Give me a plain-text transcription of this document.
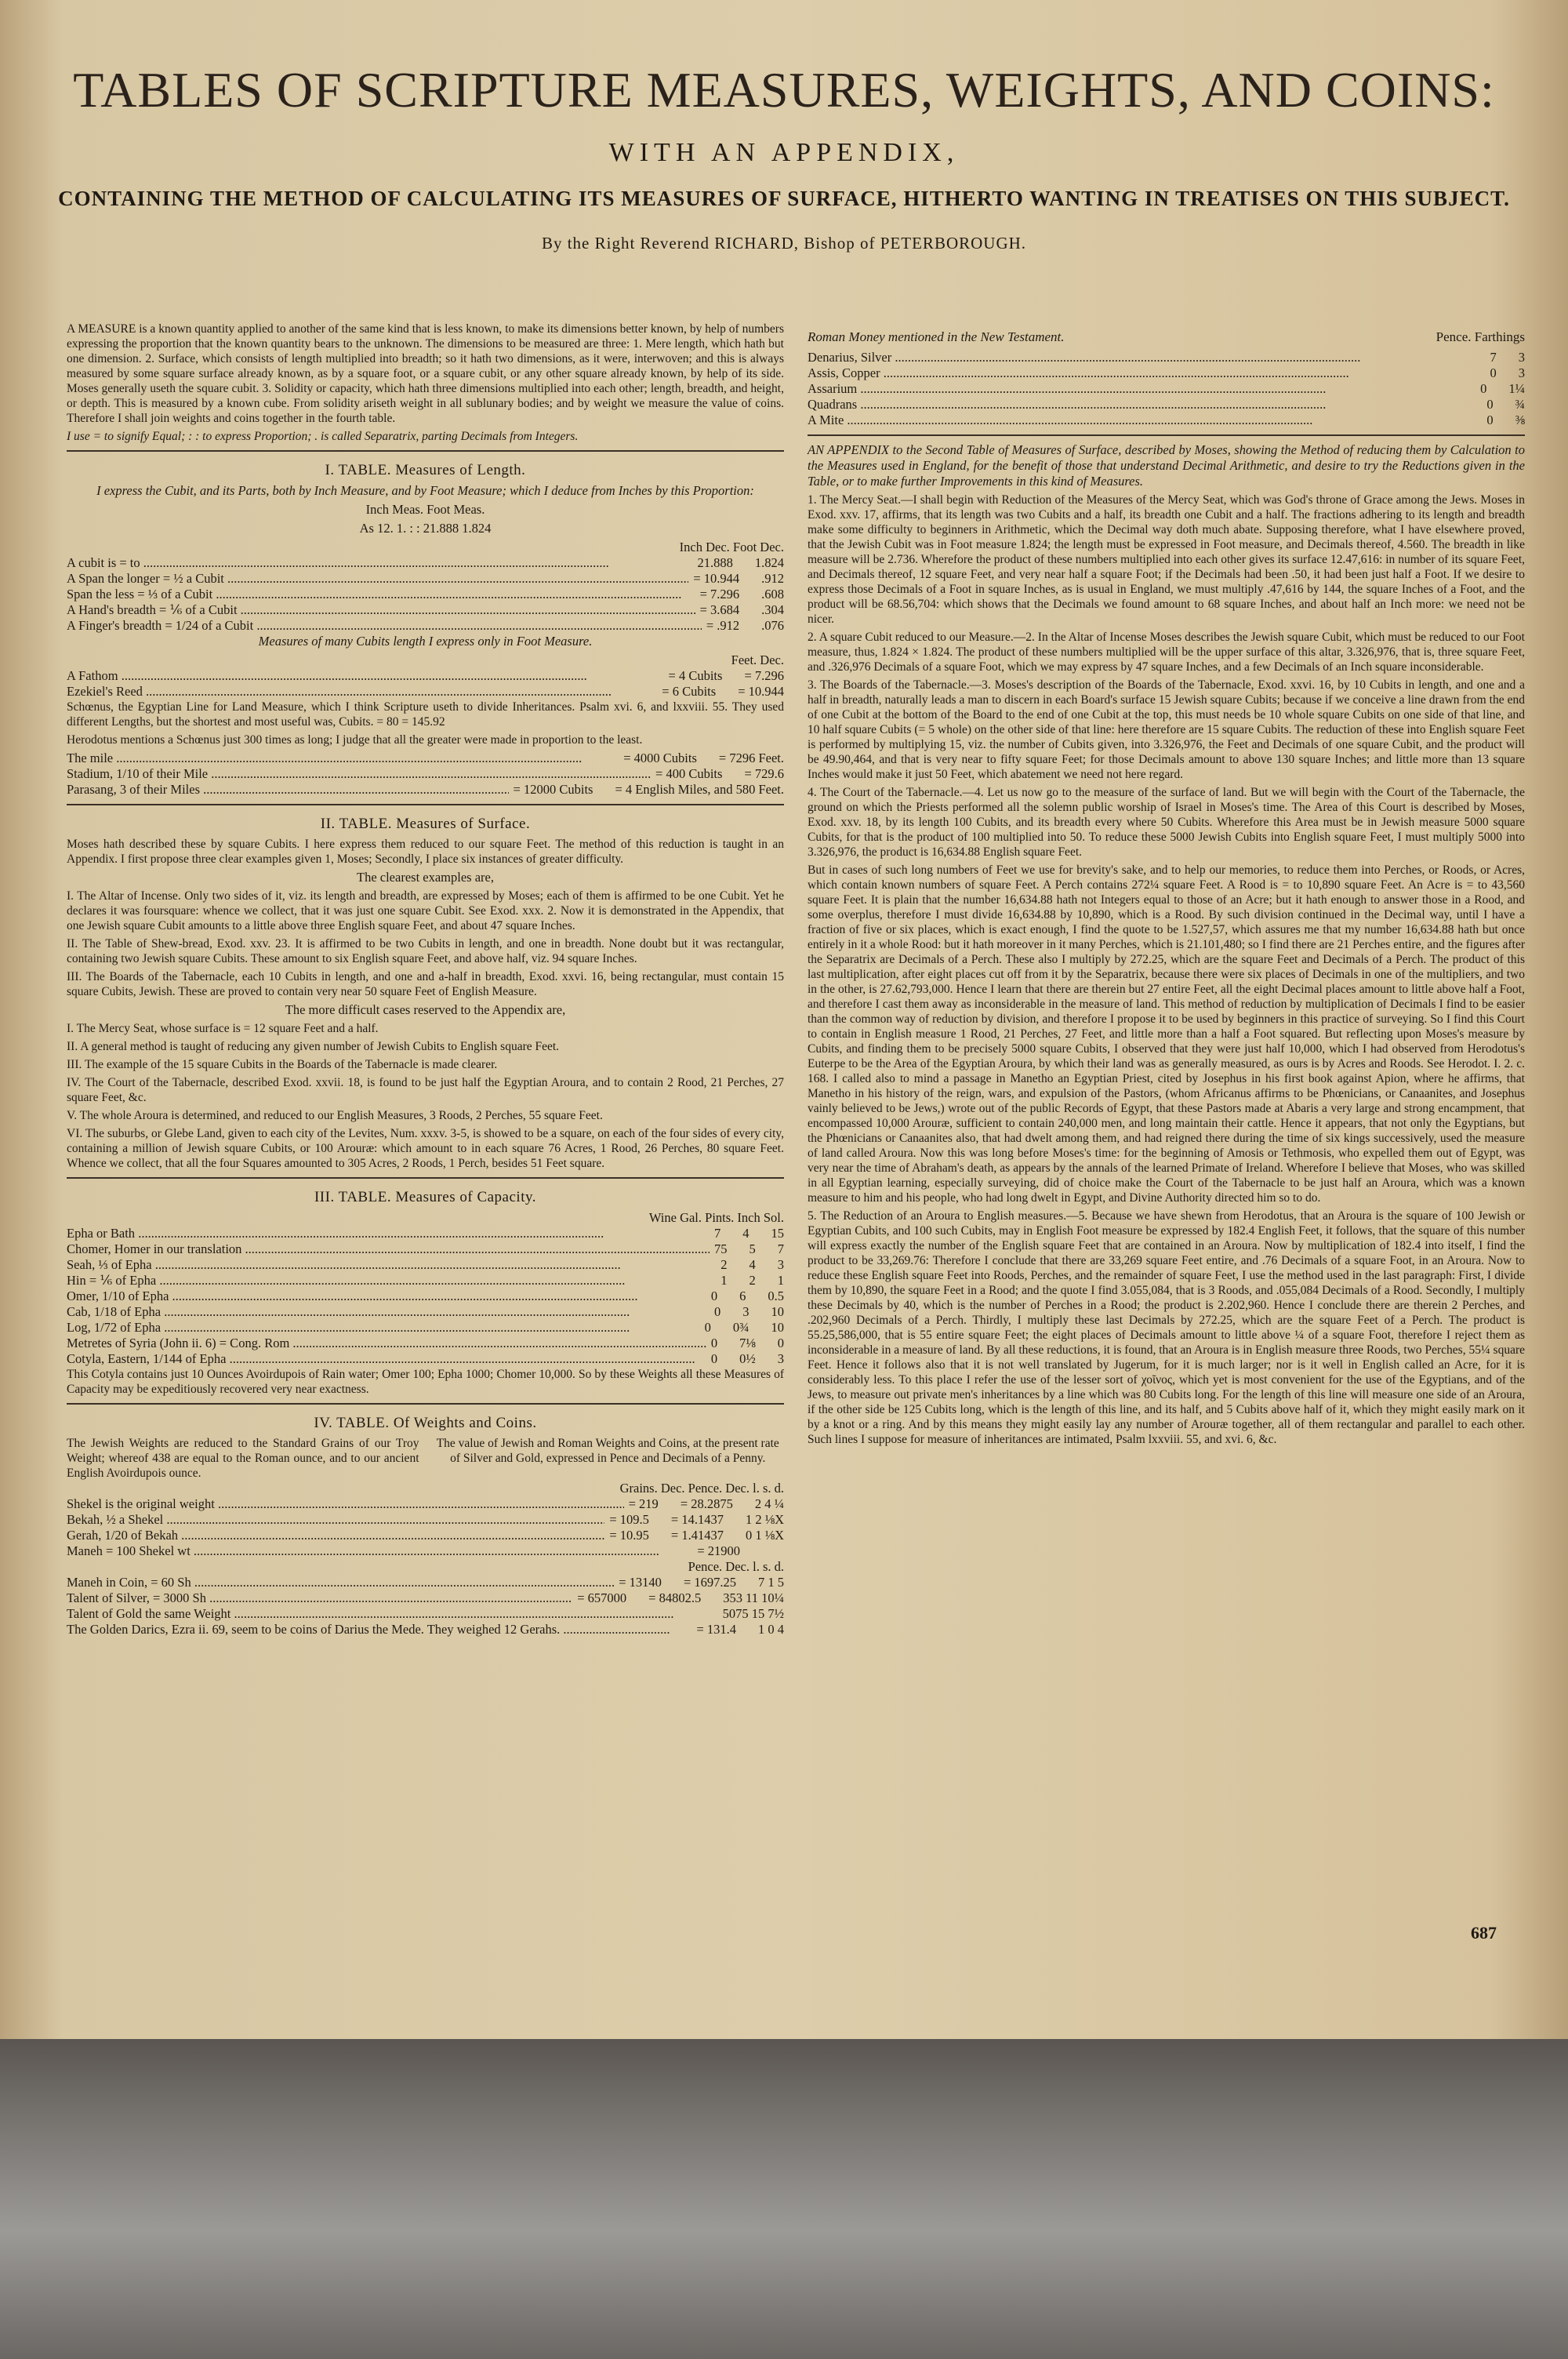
TABLES OF SCRIPTURE MEASURES, WEIGHTS, AND COINS:
WITH AN APPENDIX,
CONTAINING THE METHOD OF CALCULATING ITS MEASURES OF SURFACE, HITHERTO WANTING IN TREATISES ON THIS SUBJECT.
By the Right Reverend RICHARD, Bishop of PETERBOROUGH.

A MEASURE is a known quantity applied to another of the same kind that is less known, to make its dimensions better known, by help of numbers expressing the proportion that the known quantity bears to the unknown. The dimensions to be measured are three: 1. Mere length, which hath but one dimension. 2. Surface, which consists of length multiplied into breadth; so it hath two dimensions, as it were, interwoven; and this is always measured by some square surface already known, as by a square foot, or a square cubit, or any other square already known, by help of its side. Moses generally useth the square cubit. 3. Solidity or capacity, which hath three dimensions multiplied into each other; length, breadth, and height, or depth. This is measured by a known cube. From solidity ariseth weight in all sublunary bodies; and by weight we measure the value of coins. Therefore I shall join weights and coins together in the fourth table.

I use = to signify Equal; : : to express Proportion; . is called Separatrix, parting Decimals from Integers.

I. TABLE. Measures of Length.

I express the Cubit, and its Parts, both by Inch Measure, and by Foot Measure; which I deduce from Inches by this Proportion:

Inch Meas. Foot Meas.

As 12. 1. : : 21.888 1.824

Inch Dec. Foot Dec.
A cubit is = to .....	21.888 1.824
A Span the longer = ½ a Cubit .....	= 10.944 .912
Span the less = ⅓ of a Cubit .....	= 7.296 .608
A Hand's breadth = ⅙ of a Cubit .....	= 3.684 .304
A Finger's breadth = 1/24 of a Cubit .....	= .912 .076

Measures of many Cubits length I express only in Foot Measure.

Feet. Dec.
A Fathom .....	= 4 Cubits = 7.296
Ezekiel's Reed .....	= 6 Cubits = 10.944

Schœnus, the Egyptian Line for Land Measure, which I think Scripture useth to divide Inheritances. Psalm xvi. 6, and lxxviii. 55. They used different Lengths, but the shortest and most useful was, Cubits. = 80 = 145.92

Herodotus mentions a Schœnus just 300 times as long; I judge that all the greater were made in proportion to the least.

The mile .....	= 4000 Cubits = 7296 Feet.
Stadium, 1/10 of their Mile .....	= 400 Cubits = 729.6
Parasang, 3 of their Miles .....	= 12000 Cubits = 4 English Miles, and 580 Feet.
II. TABLE. Measures of Surface.

Moses hath described these by square Cubits. I here express them reduced to our square Feet. The method of this reduction is taught in an Appendix. I first propose three clear examples given 1, Moses; Secondly, I place six instances of greater difficulty.

The clearest examples are,

I. The Altar of Incense. Only two sides of it, viz. its length and breadth, are expressed by Moses; each of them is affirmed to be one Cubit. Yet he declares it was foursquare: whence we collect, that it was just one square Cubit. See Exod. xxx. 2. Now it is demonstrated in the Appendix, that one Jewish square Cubit amounts to a little above three English square Feet, and about 47 square Inches.

II. The Table of Shew-bread, Exod. xxv. 23. It is affirmed to be two Cubits in length, and one in breadth. None doubt but it was rectangular, containing two Jewish square Cubits. These amount to six English square Feet, and above half, viz. 94 square Inches.

III. The Boards of the Tabernacle, each 10 Cubits in length, and one and a-half in breadth, Exod. xxvi. 16, being rectangular, must contain 15 square Cubits, Jewish. These are proved to contain very near 50 square Feet of English Measure.

The more difficult cases reserved to the Appendix are,

I. The Mercy Seat, whose surface is = 12 square Feet and a half.

II. A general method is taught of reducing any given number of Jewish Cubits to English square Feet.

III. The example of the 15 square Cubits in the Boards of the Tabernacle is made clearer.

IV. The Court of the Tabernacle, described Exod. xxvii. 18, is found to be just half the Egyptian Aroura, and to contain 2 Rood, 21 Perches, 27 square Feet, &c.

V. The whole Aroura is determined, and reduced to our English Measures, 3 Roods, 2 Perches, 55 square Feet.

VI. The suburbs, or Glebe Land, given to each city of the Levites, Num. xxxv. 3-5, is showed to be a square, on each of the four sides of every city, containing a million of Jewish square Cubits, or 100 Arouræ: which amount to in each square 76 Acres, 1 Rood, 26 Perches, 80 square Feet. Whence we collect, that all the four Squares amounted to 305 Acres, 2 Roods, 1 Perch, besides 51 Feet square.

III. TABLE. Measures of Capacity.
Wine Gal. Pints. Inch Sol.
Epha or Bath .....	7 4 15
Chomer, Homer in our translation .....	75 5 7
Seah, ⅓ of Epha .....	2 4 3
Hin = ⅙ of Epha .....	1 2 1
Omer, 1/10 of Epha .....	0 6 0.5
Cab, 1/18 of Epha .....	0 3 10
Log, 1/72 of Epha .....	0 0¾ 10
Metretes of Syria (John ii. 6) = Cong. Rom .....	0 7⅛ 0
Cotyla, Eastern, 1/144 of Epha .....	0 0½ 3

This Cotyla contains just 10 Ounces Avoirdupois of Rain water; Omer 100; Epha 1000; Chomer 10,000. So by these Weights all these Measures of Capacity may be expeditiously recovered very near exactness.

IV. TABLE. Of Weights and Coins.
The Jewish Weights are reduced to the Standard Grains of our Troy Weight; whereof 438 are equal to the Roman ounce, and to our ancient English Avoirdupois ounce.
The value of Jewish and Roman Weights and Coins, at the present rate of Silver and Gold, expressed in Pence and Decimals of a Penny.
Grains. Dec. Pence. Dec. l. s. d.
Shekel is the original weight .....	= 219 = 28.2875 2 4 ¼
Bekah, ½ a Shekel .....	= 109.5 = 14.1437 1 2 ⅛X
Gerah, 1/20 of Bekah .....	= 10.95 = 1.41437 0 1 ⅛X
Maneh = 100 Shekel wt .....	= 21900
Pence. Dec. l. s. d.
Maneh in Coin, = 60 Sh .....	= 13140 = 1697.25 7 1 5
Talent of Silver, = 3000 Sh .....	= 657000 = 84802.5 353 11 10¼
Talent of Gold the same Weight .....	5075 15 7½
The Golden Darics, Ezra ii. 69, seem to be coins of Darius the Mede. They weighed 12 Gerahs. .....	= 131.4 1 0 4
Roman Money mentioned in the New Testament.	Pence. Farthings
Denarius, Silver .....	7 3
Assis, Copper .....	0 3
Assarium .....	0 1¼
Quadrans .....	0 ¾
A Mite .....	0 ⅜

AN APPENDIX to the Second Table of Measures of Surface, described by Moses, showing the Method of reducing them by Calculation to the Measures used in England, for the benefit of those that understand Decimal Arithmetic, and desire to try the Reductions given in the Table, or to make further Improvements in this kind of Measures.

1. The Mercy Seat.—I shall begin with Reduction of the Measures of the Mercy Seat, which was God's throne of Grace among the Jews. Moses in Exod. xxv. 17, affirms, that its length was two Cubits and a half, its breadth one Cubit and a half. The fractions adhering to its length and breadth make some difficulty to beginners in Arithmetic, which the Decimal way doth much abate. Supposing therefore, what I have elsewhere proved, that the Jewish Cubit was in Foot measure 1.824; the length must be expressed in Foot measure, and Decimals thereof, 4.560. The breadth in like measure will be 2.736. Wherefore the product of these numbers multiplied into each other gives its surface 12.47,616: in number of its square Feet, and Decimals thereof, 12 square Feet, and very near half a square Foot; if the Decimals had been .50, it had been just half a Foot. If we desire to express those Decimals of a Foot in square Inches, as is usual in England, we must multiply .47,616 by 144, the square Inches of a Foot, and the product will be 68.56,704: which shows that the Decimals we found amount to 68 square Inches, and about half an Inch more: we need not be nicer.

2. A square Cubit reduced to our Measure.—2. In the Altar of Incense Moses describes the Jewish square Cubit, which must be reduced to our Foot measure, thus, 1.824 × 1.824. The product of these numbers multiplied will be the upper surface of this altar, 3.326,976, that is, three square Feet, and .326,976 Decimals of a square Foot, which we may express by 47 square Inches, and a few Decimals of an Inch square inconsiderable.

3. The Boards of the Tabernacle.—3. Moses's description of the Boards of the Tabernacle, Exod. xxvi. 16, by 10 Cubits in length, and one and a half in breadth, naturally leads a man to discern in each Board's surface 15 Jewish square Cubits; because if we conceive a line drawn from the end of one Cubit at the bottom of the Board to the end of one Cubit at the top, this must needs be 10 whole square Cubits on one side of that line, and 10 half square Cubits (= 5 whole) on the other side of that line: here therefore are 15 square Cubits. The reduction of these into English square Feet is performed by multiplying 15, viz. the number of Cubits given, into 3.326,976, the Feet and Decimals of one square Cubit, and the product will be 49.90,464, and that is very near to fifty square Feet; for those Decimals amount to above 130 square Inches; and little more than 13 square Inches would make it just 50 Feet, which abatement we need not here regard.

4. The Court of the Tabernacle.—4. Let us now go to the measure of the surface of land. But we will begin with the Court of the Tabernacle, the ground on which the Priests performed all the solemn public worship of Israel in Moses's time. The Area of this Court is described by Moses, Exod. xxv. 18, by its length 100 Cubits, and its breadth every where 50 Cubits. Wherefore this Area must be in Jewish measure 5000 square Cubits, for that is the product of 100 multiplied into 50. To reduce these 5000 Jewish Cubits into English square Feet, I must multiply 5000 into 3.326,976, the product is 16,634.88 English square Feet.

But in cases of such long numbers of Feet we use for brevity's sake, and to help our memories, to reduce them into Perches, or Roods, or Acres, which contain known numbers of square Feet. A Perch contains 272¼ square Feet. A Rood is = to 10,890 square Feet. An Acre is = to 43,560 square Feet. It is plain that the number 16,634.88 hath not Integers equal to those of an Acre; but it hath enough to answer those in a Rood, and some overplus, therefore I must divide 16,634.88 by 10,890, which is a Rood. By such division continued in the Decimal way, until I have a fraction of five or six places, which is exact enough, I find the quote to be 1.527,57, which assures me that my number 16,634.88 hath but once entirely in it a whole Rood: but it hath moreover in it many Perches, which is 21.101,480; so I find there are 21 Perches entire, and the figures after the Separatrix are Decimals of a Perch. These also I multiply by 272.25, which are the square Feet and Decimals of a Perch. The product of this last multiplication, after eight places cut off from it by the Separatrix, because there were six places of Decimals in one of the multipliers, and two in the other, is 27.62,793,000. Hence I learn that there are therein but 27 entire Feet, all the eight Decimal places amount to little above half a Foot, and therefore I cast them away as inconsiderable in the measure of land. This method of reduction by multiplication of Decimals I find to be easier than the common way of reduction by division, and therefore I propose it to be used by beginners in this practice of surveying. So I find this Court to contain in English measure 1 Rood, 21 Perches, 27 Feet, and little more than a half a Foot squared. But reflecting upon Moses's measure by Cubits, and finding them to be precisely 5000 square Cubits, I observed that they were just half 10,000, which I had observed from Herodotus's Euterpe to be the Area of the Egyptian Aroura, by which their land was as generally measured, as ours is by Acres and Roods. See Herodot. I. 2. c. 168. I called also to mind a passage in Manetho an Egyptian Priest, cited by Josephus in his first book against Apion, where he affirms, that Manetho in his history of the reign, wars, and expulsion of the Pastors, (whom Africanus affirms to be Phœnicians, or Canaanites, and Josephus vainly believed to be Jews,) wrote out of the public Records of Egypt, that these Pastors made at Abaris a very large and strong encampment, that encompassed 10,000 Arouræ, sufficient to contain 240,000 men, and long maintain their cattle. Hence it appears, that not only the Egyptians, but the Phœnicians or Canaanites also, that had dwelt among them, and had reigned there during the time of six kings successively, used the measure of land called Aroura. Now this was long before Moses's time: for the beginning of Amosis or Tethmosis, who expelled them out of Egypt, was very near the time of Abraham's death, as appears by the annals of the learned Primate of Ireland. Wherefore I believe that Moses, who was skilled in all Egyptian learning, especially surveying, did of choice make the Court of the Tabernacle to be just half an Aroura, which was a known measure to him and his people, who had long dwelt in Egypt, and Divine Authority directed him so to do.

5. The Reduction of an Aroura to English measures.—5. Because we have shewn from Herodotus, that an Aroura is the square of 100 Jewish or Egyptian Cubits, and 100 such Cubits, may in English Foot measure be expressed by 182.4 English Feet, it follows, that the square of this number will express exactly the number of the English square Feet that are contained in an Aroura. Now by multiplication of 182.4 into itself, I find the product to be 33,269.76: Therefore I conclude that there are 33,269 square Feet entire, and .76 Decimals of a square Foot, in an Aroura. Now to reduce these English square Feet into Roods, Perches, and the remainder of square Feet, I use the method used in the last paragraph: First, I divide them by 10,890, the square Feet in a Rood; and the quote I find 3.055,084, that is 3 Roods, and .055,084 Decimals of a Rood. Secondly, I multiply these Decimals by 40, which is the number of Perches in a Rood; the product is 2.202,960. Hence I conclude there are therein 2 Perches, and .202,960 Decimals of a Perch. Thirdly, I multiply these last Decimals by 272.25, which are the square Feet of a Perch. The product is 55.25,586,000, that is 55 entire square Feet; the eight places of Decimals amount to little above ¼ of a square Foot, therefore I reject them as inconsiderable in a measure of land. By all these reductions, it is found, that an Aroura is in English measure three Roods, two Perches, 55¼ square Feet. Hence it follows also that it is not well translated by Jugerum, for it is much larger; nor is it well in English called an Acre, for it is considerably less. To this place I refer the use of the lesser sort of χοῖνος, which yet is most convenient for the use of the Egyptians, and of the Jews, to measure out private men's inheritances by a line which was 80 Cubits long. For the length of this line will measure one side of an Aroura, if the other side be 125 Cubits long, which is the length of this line, and its half, and 5 Cubits above half of it, which they might easily mark on it by a knot or a ring. And by this means they might easily lay any number of Arouræ together, all of them rectangular and parallel to each other. Such lines I suppose for measure of inheritances are intimated, Psalm lxxviii. 55, and xvi. 6, &c.

687
